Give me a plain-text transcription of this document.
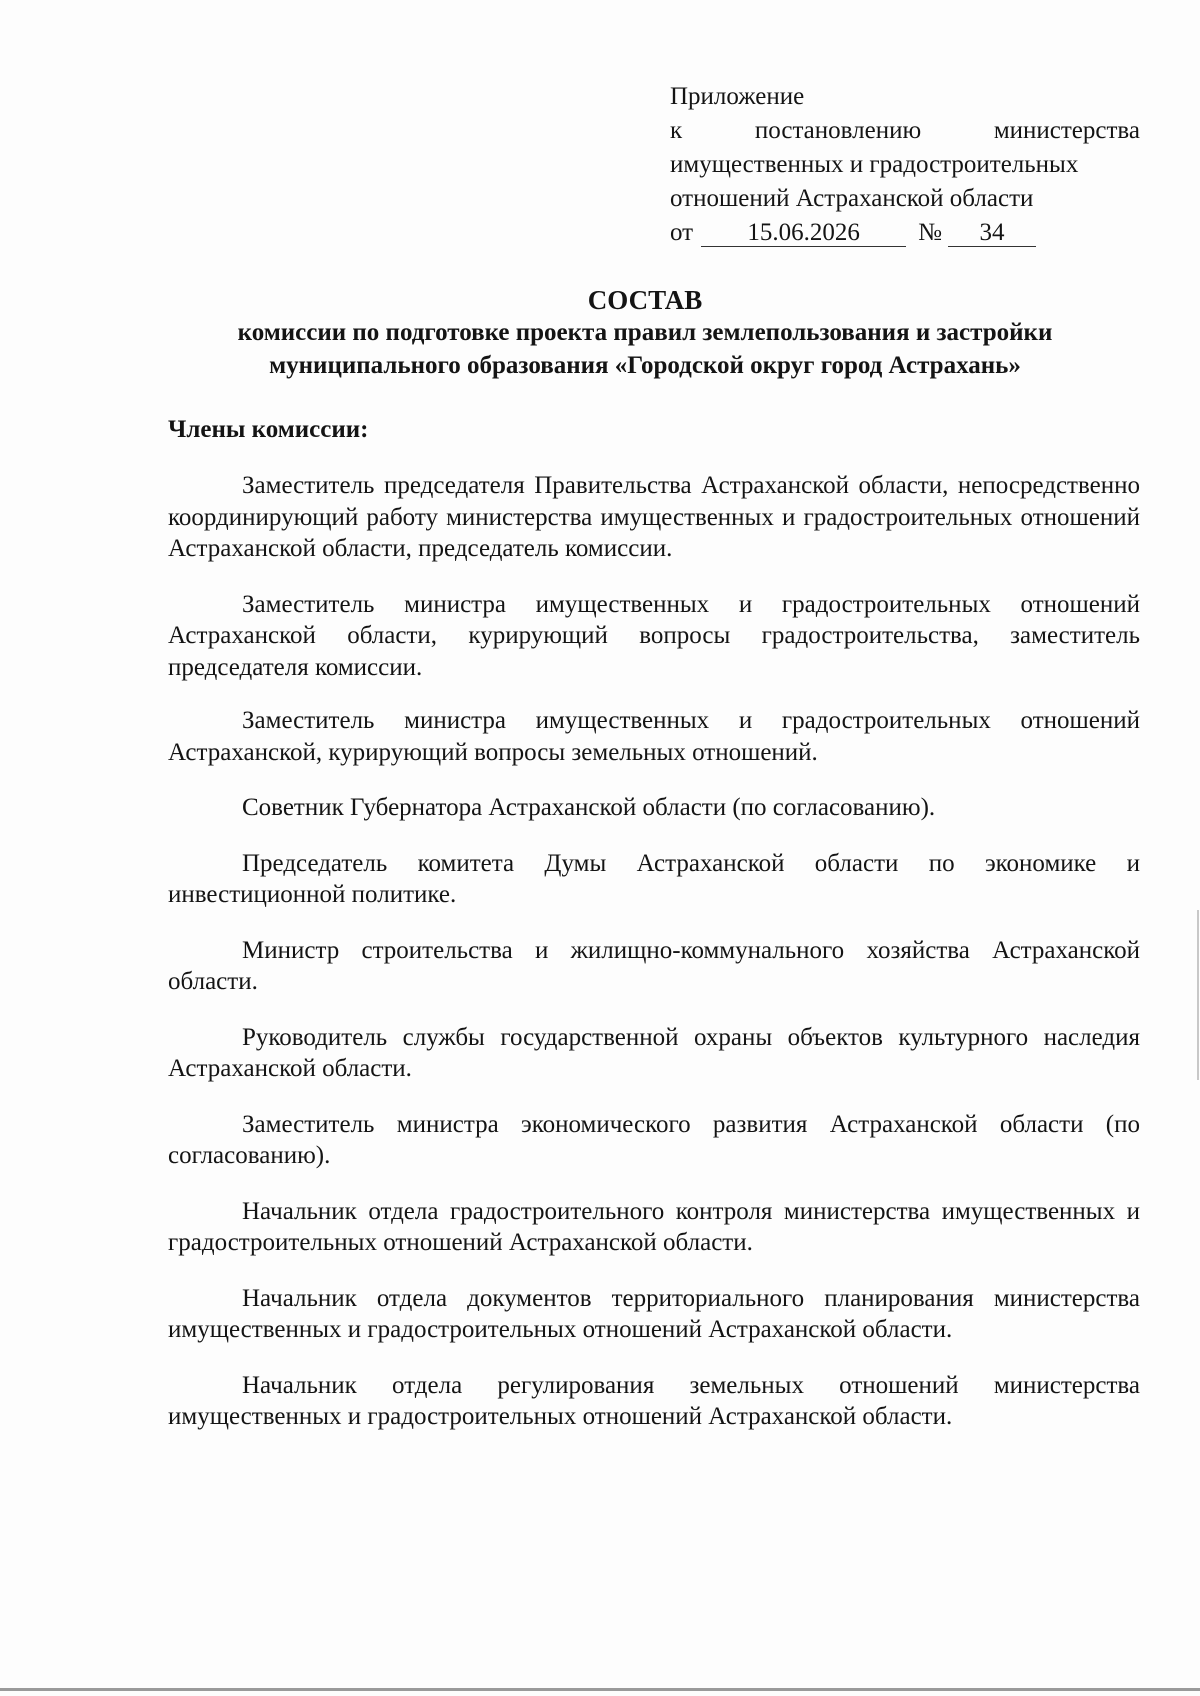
Приложение
к	постановлению	министерства
имущественных и градостроительных
отношений Астраханской области
от	15.06.2026	№	34
СОСТАВ
комиссии по подготовке проекта правил землепользования и застройки
муниципального образования «Городской округ город Астрахань»
Члены комиссии:

Заместитель председателя Правительства Астраханской области, непосредственно координирующий работу министерства имущественных и градостроительных отношений Астраханской области, председатель комиссии.

Заместитель министра имущественных и градостроительных отношений Астраханской области, курирующий вопросы градостроительства, заместитель председателя комиссии.

Заместитель министра имущественных и градостроительных отношений Астраханской, курирующий вопросы земельных отношений.

Советник Губернатора Астраханской области (по согласованию).

Председатель комитета Думы Астраханской области по экономике и инвестиционной политике.

Министр строительства и жилищно-коммунального хозяйства Астраханской области.

Руководитель службы государственной охраны объектов культурного наследия Астраханской области.

Заместитель министра экономического развития Астраханской области (по согласованию).

Начальник отдела градостроительного контроля министерства имущественных и градостроительных отношений Астраханской области.

Начальник отдела документов территориального планирования министерства имущественных и градостроительных отношений Астраханской области.

Начальник отдела регулирования земельных отношений министерства имущественных и градостроительных отношений Астраханской области.
